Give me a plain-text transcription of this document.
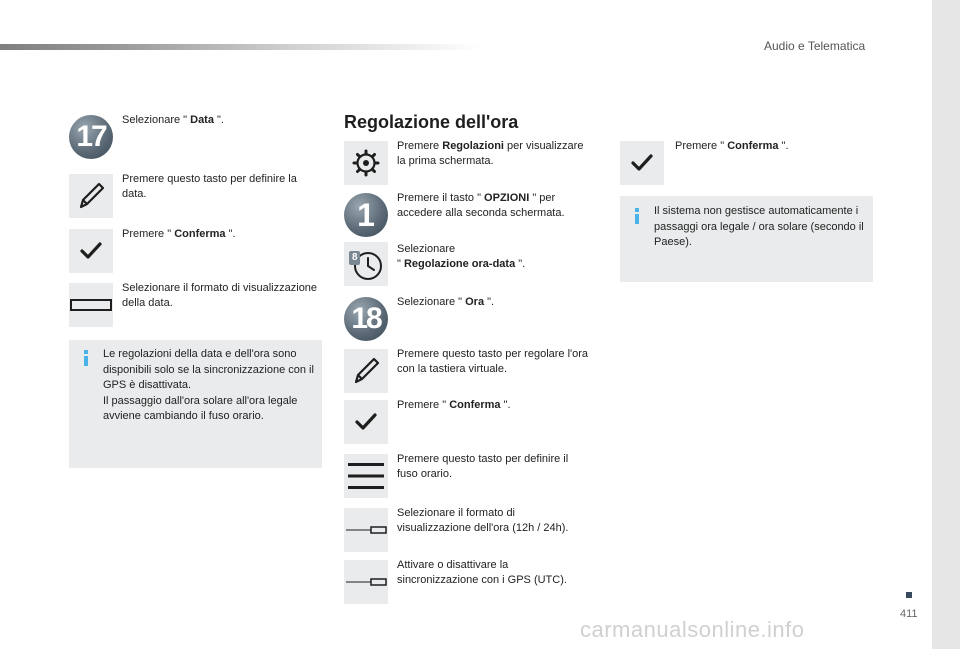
Audio e Telematica
411
carmanualsonline.info
17	Selezionare " Data ".
Premere questo tasto per definire la data.
Premere " Conferma ".
Selezionare il formato di visualizzazione della data.
Le regolazioni della data e dell'ora sono disponibili solo se la sincronizzazione con il GPS è disattivata.
Il passaggio dall'ora solare all'ora legale avviene cambiando il fuso orario.
Regolazione dell'ora
Premere Regolazioni per visualizzare la prima schermata.
1	Premere il tasto " OPZIONI " per accedere alla seconda schermata.
8
Selezionare
" Regolazione ora-data ".
18	Selezionare " Ora ".
Premere questo tasto per regolare l'ora con la tastiera virtuale.
Premere " Conferma ".
Premere questo tasto per definire il fuso orario.
Selezionare il formato di visualizzazione dell'ora (12h / 24h).
Attivare o disattivare la sincronizzazione con i GPS (UTC).
Premere " Conferma ".
Il sistema non gestisce automaticamente i passaggi ora legale / ora solare (secondo il Paese).
